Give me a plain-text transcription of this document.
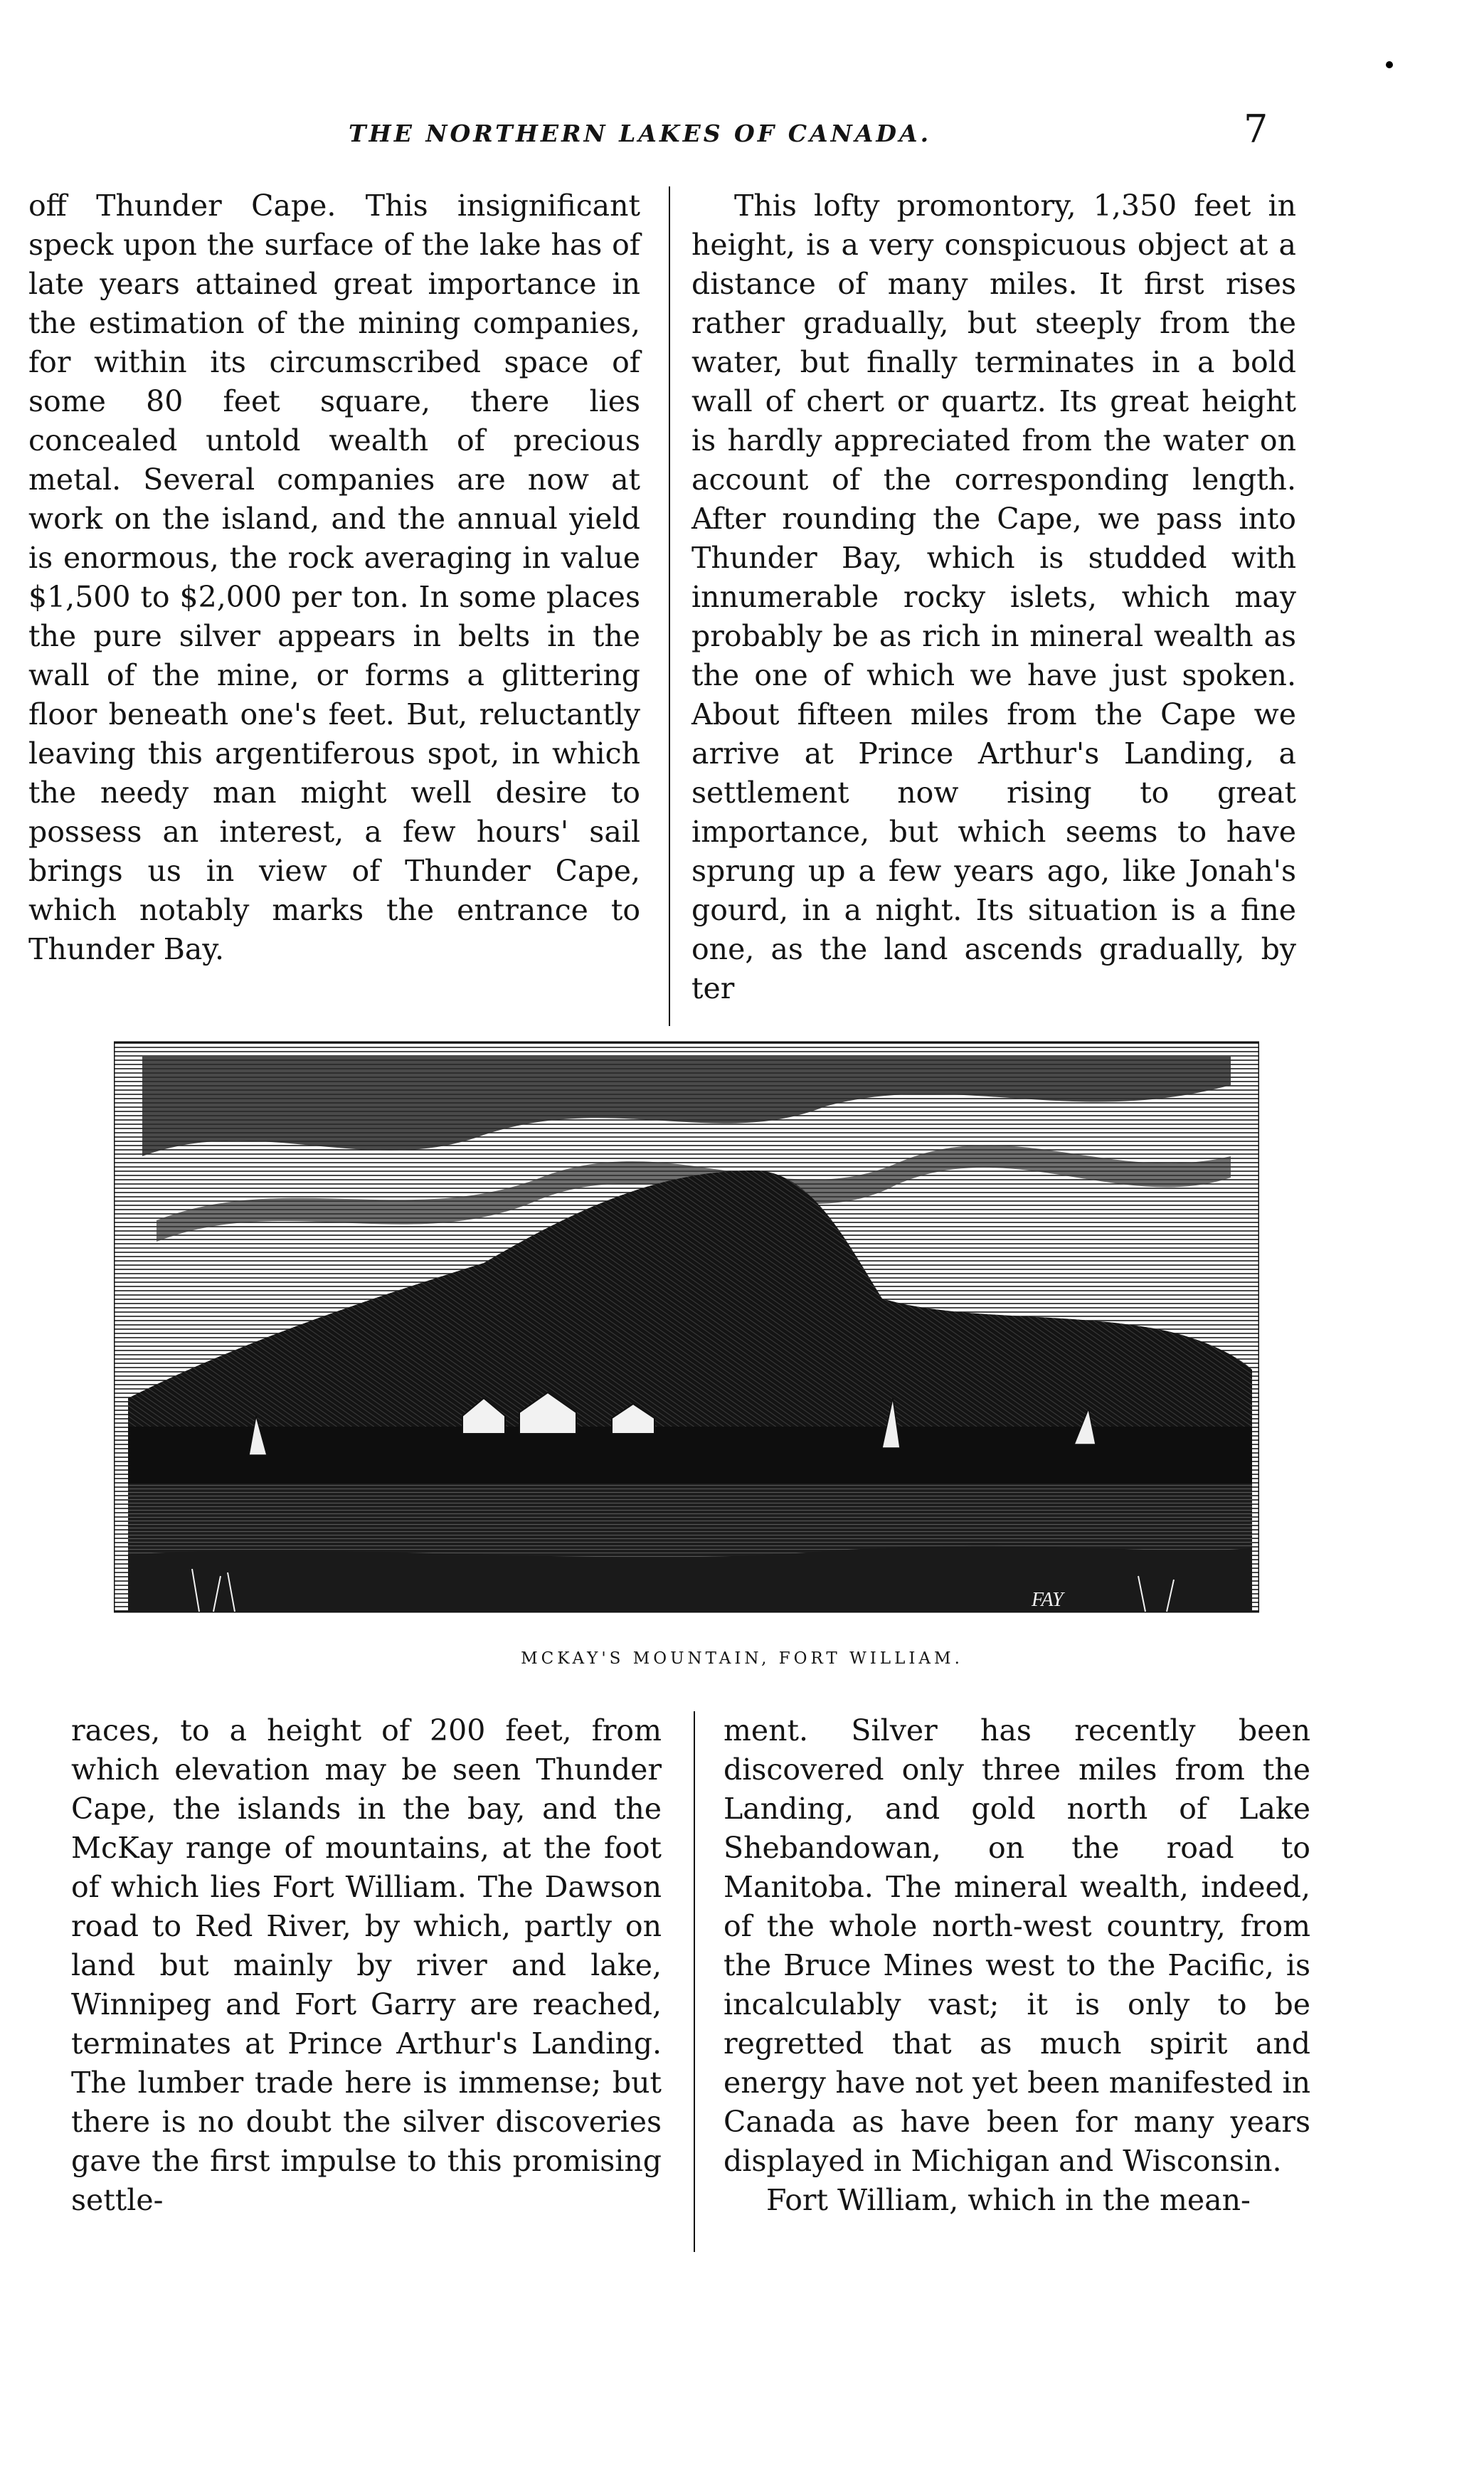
THE NORTHERN LAKES OF CANADA.	7

off Thunder Cape. This insignificant speck upon the surface of the lake has of late years attained great importance in the estimation of the mining companies, for within its circumscribed space of some 80 feet square, there lies concealed untold wealth of precious metal. Several companies are now at work on the island, and the annual yield is enormous, the rock averaging in value $1,500 to $2,000 per ton. In some places the pure silver appears in belts in the wall of the mine, or forms a glittering floor beneath one's feet. But, reluctantly leaving this argentiferous spot, in which the needy man might well desire to possess an interest, a few hours' sail brings us in view of Thunder Cape, which notably marks the entrance to Thunder Bay.

This lofty promontory, 1,350 feet in height, is a very conspicuous object at a distance of many miles. It first rises rather gradually, but steeply from the water, but finally terminates in a bold wall of chert or quartz. Its great height is hardly appreciated from the water on account of the corresponding length. After rounding the Cape, we pass into Thunder Bay, which is studded with innumerable rocky islets, which may probably be as rich in mineral wealth as the one of which we have just spoken. About fifteen miles from the Cape we arrive at Prince Arthur's Landing, a settlement now rising to great importance, but which seems to have sprung up a few years ago, like Jonah's gourd, in a night. Its situation is a fine one, as the land ascends gradually, by ter

FAY
MCKAY'S MOUNTAIN, FORT WILLIAM.

races, to a height of 200 feet, from which elevation may be seen Thunder Cape, the islands in the bay, and the McKay range of mountains, at the foot of which lies Fort William. The Dawson road to Red River, by which, partly on land but mainly by river and lake, Winnipeg and Fort Garry are reached, terminates at Prince Arthur's Landing. The lumber trade here is immense; but there is no doubt the silver discoveries gave the first impulse to this promising settle-

ment. Silver has recently been discovered only three miles from the Landing, and gold north of Lake Shebandowan, on the road to Manitoba. The mineral wealth, indeed, of the whole north-west country, from the Bruce Mines west to the Pacific, is incalculably vast; it is only to be regretted that as much spirit and energy have not yet been manifested in Canada as have been for many years displayed in Michigan and Wisconsin.

Fort William, which in the mean-
